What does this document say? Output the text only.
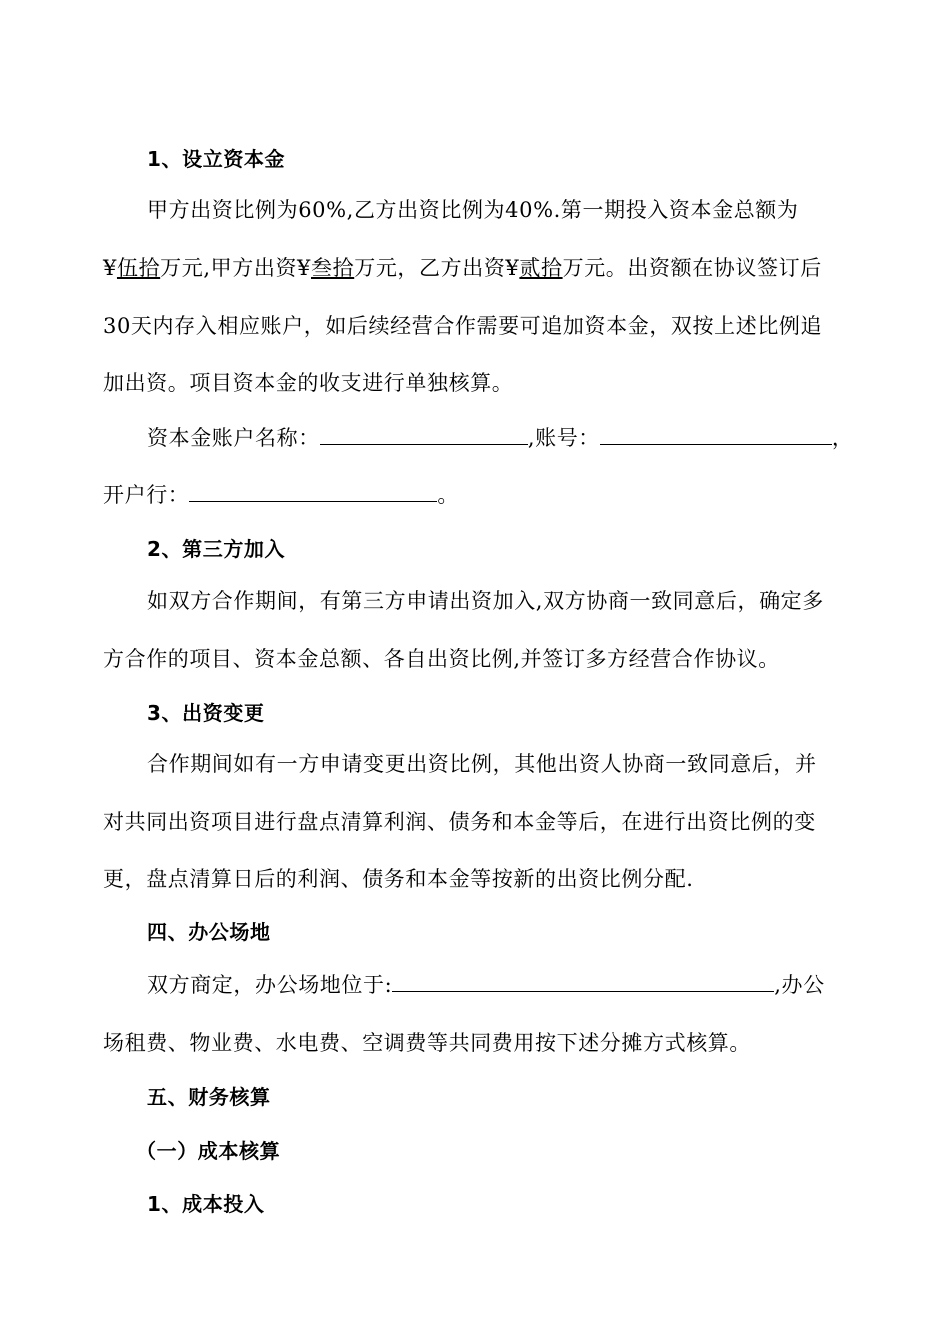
1、设立资本金
甲方出资比例为60%,乙方出资比例为40%.第一期投入资本金总额为
¥伍拾万元,甲方出资¥叁拾万元，乙方出资¥贰拾万元。出资额在协议签订后
30天内存入相应账户，如后续经营合作需要可追加资本金，双按上述比例追
加出资。项目资本金的收支进行单独核算。
资本金账户名称：	,账号：	，
开户行：	。
2、第三方加入
如双方合作期间，有第三方申请出资加入,双方协商一致同意后，确定多
方合作的项目、资本金总额、各自出资比例,并签订多方经营合作协议。
3、出资变更
合作期间如有一方申请变更出资比例，其他出资人协商一致同意后，并
对共同出资项目进行盘点清算利润、债务和本金等后，在进行出资比例的变
更，盘点清算日后的利润、债务和本金等按新的出资比例分配.
四、办公场地
双方商定，办公场地位于:	,办公
场租费、物业费、水电费、空调费等共同费用按下述分摊方式核算。
五、财务核算
（一）成本核算
1、成本投入
